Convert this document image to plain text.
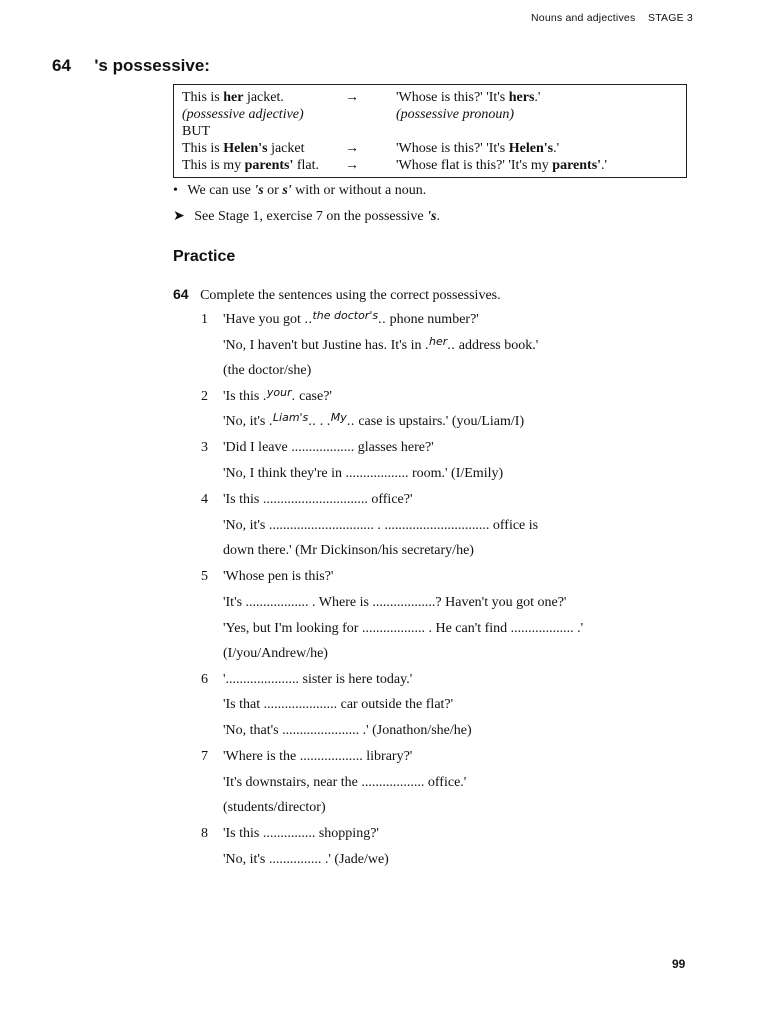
Nouns and adjectives STAGE 3
64 's possessive:
This is her jacket.	→	'Whose is this?' 'It's hers.'
(possessive adjective)	(possessive pronoun)
BUT
This is Helen's jacket	→	'Whose is this?' 'It's Helen's.'
This is my parents' flat. →	'Whose flat is this?' 'It's my parents'.'
• We can use 's or s' with or without a noun.
➤ See Stage 1, exercise 7 on the possessive 's.
Practice
64 Complete the sentences using the correct possessives.
1 'Have you got ..$^{the doctor's}$.. phone number?'
'No, I haven't but Justine has. It's in .$^{her}$.. address book.'
(the doctor/she)
2 'Is this .$^{your}$. case?'
'No, it's .$^{Liam's}$.. . .$^{My}$.. case is upstairs.' (you/Liam/I)
3 'Did I leave .................. glasses here?'
'No, I think they're in .................. room.' (I/Emily)
4 'Is this .............................. office?'
'No, it's .............................. . .............................. office is
down there.' (Mr Dickinson/his secretary/he)
5 'Whose pen is this?'
'It's .................. . Where is ..................? Haven't you got one?'
'Yes, but I'm looking for .................. . He can't find .................. .'
(I/you/Andrew/he)
6 '..................... sister is here today.'
'Is that ..................... car outside the flat?'
'No, that's ...................... .' (Jonathon/she/he)
7 'Where is the .................. library?'
'It's downstairs, near the .................. office.'
(students/director)
8 'Is this ............... shopping?'
'No, it's ............... .' (Jade/we)
99
